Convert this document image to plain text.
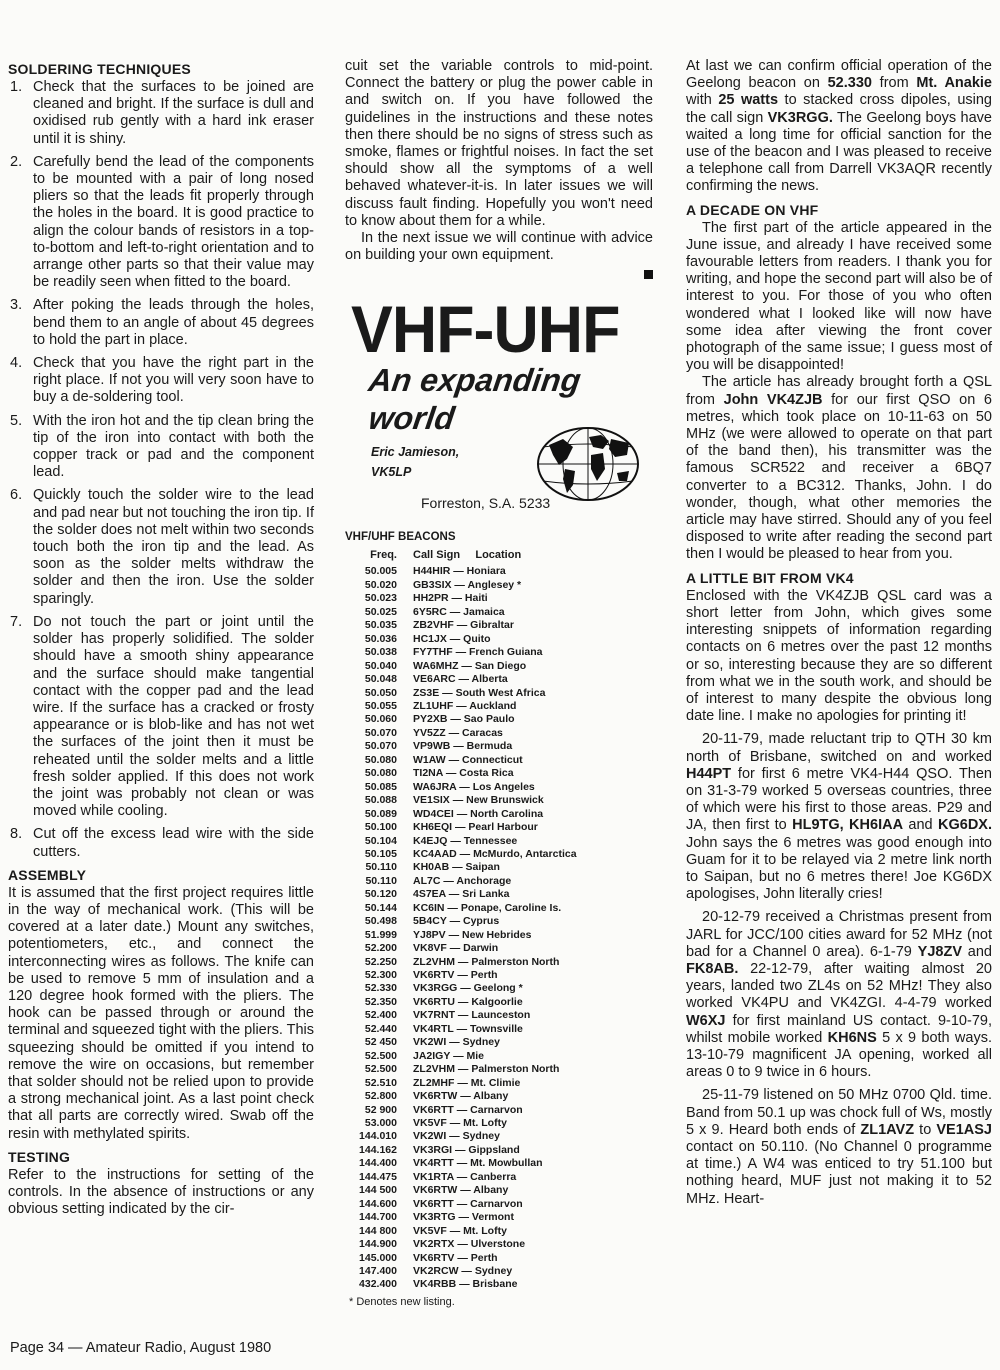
SOLDERING TECHNIQUES
1. Check that the surfaces to be joined are cleaned and bright. If the surface is dull and oxidised rub gently with a hard ink eraser until it is shiny.
2. Carefully bend the lead of the components to be mounted with a pair of long nosed pliers so that the leads fit properly through the holes in the board. It is good practice to align the colour bands of resistors in a top-to-bottom and left-to-right orientation and to arrange other parts so that their value may be readily seen when fitted to the board.
3. After poking the leads through the holes, bend them to an angle of about 45 degrees to hold the part in place.
4. Check that you have the right part in the right place. If not you will very soon have to buy a de-soldering tool.
5. With the iron hot and the tip clean bring the tip of the iron into contact with both the copper track or pad and the component lead.
6. Quickly touch the solder wire to the lead and pad near but not touching the iron tip. If the solder does not melt within two seconds touch both the iron tip and the lead. As soon as the solder melts withdraw the solder and then the iron. Use the solder sparingly.
7. Do not touch the part or joint until the solder has properly solidified. The solder should have a smooth shiny appearance and the surface should make tangential contact with the copper pad and the lead wire. If the surface has a cracked or frosty appearance or is blob-like and has not wet the surfaces of the joint then it must be reheated until the solder melts and a little fresh solder applied. If this does not work the joint was probably not clean or was moved while cooling.
8. Cut off the excess lead wire with the side cutters.
ASSEMBLY

It is assumed that the first project requires little in the way of mechanical work. (This will be covered at a later date.) Mount any switches, potentiometers, etc., and connect the interconnecting wires as follows. The knife can be used to remove 5 mm of insulation and a 120 degree hook formed with the pliers. The hook can be passed through or around the terminal and squeezed tight with the pliers. This squeezing should be omitted if you intend to remove the wire on occasions, but remember that solder should not be relied upon to provide a strong mechanical joint. As a last point check that all parts are correctly wired. Swab off the resin with methylated spirits.

TESTING

Refer to the instructions for setting of the controls. In the absence of instructions or any obvious setting indicated by the cir-

cuit set the variable controls to mid-point. Connect the battery or plug the power cable in and switch on. If you have followed the guidelines in the instructions and these notes then there should be no signs of stress such as smoke, flames or frightful noises. In fact the set should show all the symptoms of a well behaved whatever-it-is. In later issues we will discuss fault finding. Hopefully you won't need to know about them for a while.

In the next issue we will continue with advice on building your own equipment.

VHF-UHF
An expanding
world
Eric Jamieson,
VK5LP
Forreston, S.A. 5233
VHF/UHF BEACONS
Freq.	Call Sign Location
50.005	H44HIR — Honiara
50.020	GB3SIX — Anglesey *
50.023	HH2PR — Haiti
50.025	6Y5RC — Jamaica
50.035	ZB2VHF — Gibraltar
50.036	HC1JX — Quito
50.038	FY7THF — French Guiana
50.040	WA6MHZ — San Diego
50.048	VE6ARC — Alberta
50.050	ZS3E — South West Africa
50.055	ZL1UHF — Auckland
50.060	PY2XB — Sao Paulo
50.070	YV5ZZ — Caracas
50.070	VP9WB — Bermuda
50.080	W1AW — Connecticut
50.080	TI2NA — Costa Rica
50.085	WA6JRA — Los Angeles
50.088	VE1SIX — New Brunswick
50.089	WD4CEI — North Carolina
50.100	KH6EQI — Pearl Harbour
50.104	K4EJQ — Tennessee
50.105	KC4AAD — McMurdo, Antarctica
50.110	KH0AB — Saipan
50.110	AL7C — Anchorage
50.120	4S7EA — Sri Lanka
50.144	KC6IN — Ponape, Caroline Is.
50.498	5B4CY — Cyprus
51.999	YJ8PV — New Hebrides
52.200	VK8VF — Darwin
52.250	ZL2VHM — Palmerston North
52.300	VK6RTV — Perth
52.330	VK3RGG — Geelong *
52.350	VK6RTU — Kalgoorlie
52.400	VK7RNT — Launceston
52.440	VK4RTL — Townsville
52 450	VK2WI — Sydney
52.500	JA2IGY — Mie
52.500	ZL2VHM — Palmerston North
52.510	ZL2MHF — Mt. Climie
52.800	VK6RTW — Albany
52 900	VK6RTT — Carnarvon
53.000	VK5VF — Mt. Lofty
144.010	VK2WI — Sydney
144.162	VK3RGI — Gippsland
144.400	VK4RTT — Mt. Mowbullan
144.475	VK1RTA — Canberra
144 500	VK6RTW — Albany
144.600	VK6RTT — Carnarvon
144.700	VK3RTG — Vermont
144 800	VK5VF — Mt. Lofty
144.900	VK2RTX — Ulverstone
145.000	VK6RTV — Perth
147.400	VK2RCW — Sydney
432.400	VK4RBB — Brisbane
* Denotes new listing.

At last we can confirm official operation of the Geelong beacon on 52.330 from Mt. Anakie with 25 watts to stacked cross dipoles, using the call sign VK3RGG. The Geelong boys have waited a long time for official sanction for the use of the beacon and I was pleased to receive a telephone call from Darrell VK3AQR recently confirming the news.

A DECADE ON VHF

The first part of the article appeared in the June issue, and already I have received some favourable letters from readers. I thank you for writing, and hope the second part will also be of interest to you. For those of you who often wondered what I looked like will now have some idea after viewing the front cover photograph of the same issue; I guess most of you will be disappointed!

The article has already brought forth a QSL from John VK4ZJB for our first QSO on 6 metres, which took place on 10-11-63 on 50 MHz (we were allowed to operate on that part of the band then), his transmitter was the famous SCR522 and receiver a 6BQ7 converter to a BC312. Thanks, John. I do wonder, though, what other memories the article may have stirred. Should any of you feel disposed to write after reading the second part then I would be pleased to hear from you.

A LITTLE BIT FROM VK4

Enclosed with the VK4ZJB QSL card was a short letter from John, which gives some interesting snippets of information regarding contacts on 6 metres over the past 12 months or so, interesting because they are so different from what we in the south work, and should be of interest to many despite the obvious long date line. I make no apologies for printing it!

20-11-79, made reluctant trip to QTH 30 km north of Brisbane, switched on and worked H44PT for first 6 metre VK4-H44 QSO. Then on 31-3-79 worked 5 overseas countries, three of which were his first to those areas. P29 and JA, then first to HL9TG, KH6IAA and KG6DX. John says the 6 metres was good enough into Guam for it to be relayed via 2 metre link north to Saipan, but no 6 metres there! Joe KG6DX apologises, John literally cries!

20-12-79 received a Christmas present from JARL for JCC/100 cities award for 52 MHz (not bad for a Channel 0 area). 6-1-79 YJ8ZV and FK8AB. 22-12-79, after waiting almost 20 years, landed two ZL4s on 52 MHz! They also worked VK4PU and VK4ZGI. 4-4-79 worked W6XJ for first mainland US contact. 9-10-79, whilst mobile worked KH6NS 5 x 9 both ways. 13-10-79 magnificent JA opening, worked all areas 0 to 9 twice in 6 hours.

25-11-79 listened on 50 MHz 0700 Qld. time. Band from 50.1 up was chock full of Ws, mostly 5 x 9. Heard both ends of ZL1AVZ to VE1ASJ contact on 50.110. (No Channel 0 programme at time.) A W4 was enticed to try 51.100 but nothing heard, MUF just not making it to 52 MHz. Heart-

Page 34 — Amateur Radio, August 1980
